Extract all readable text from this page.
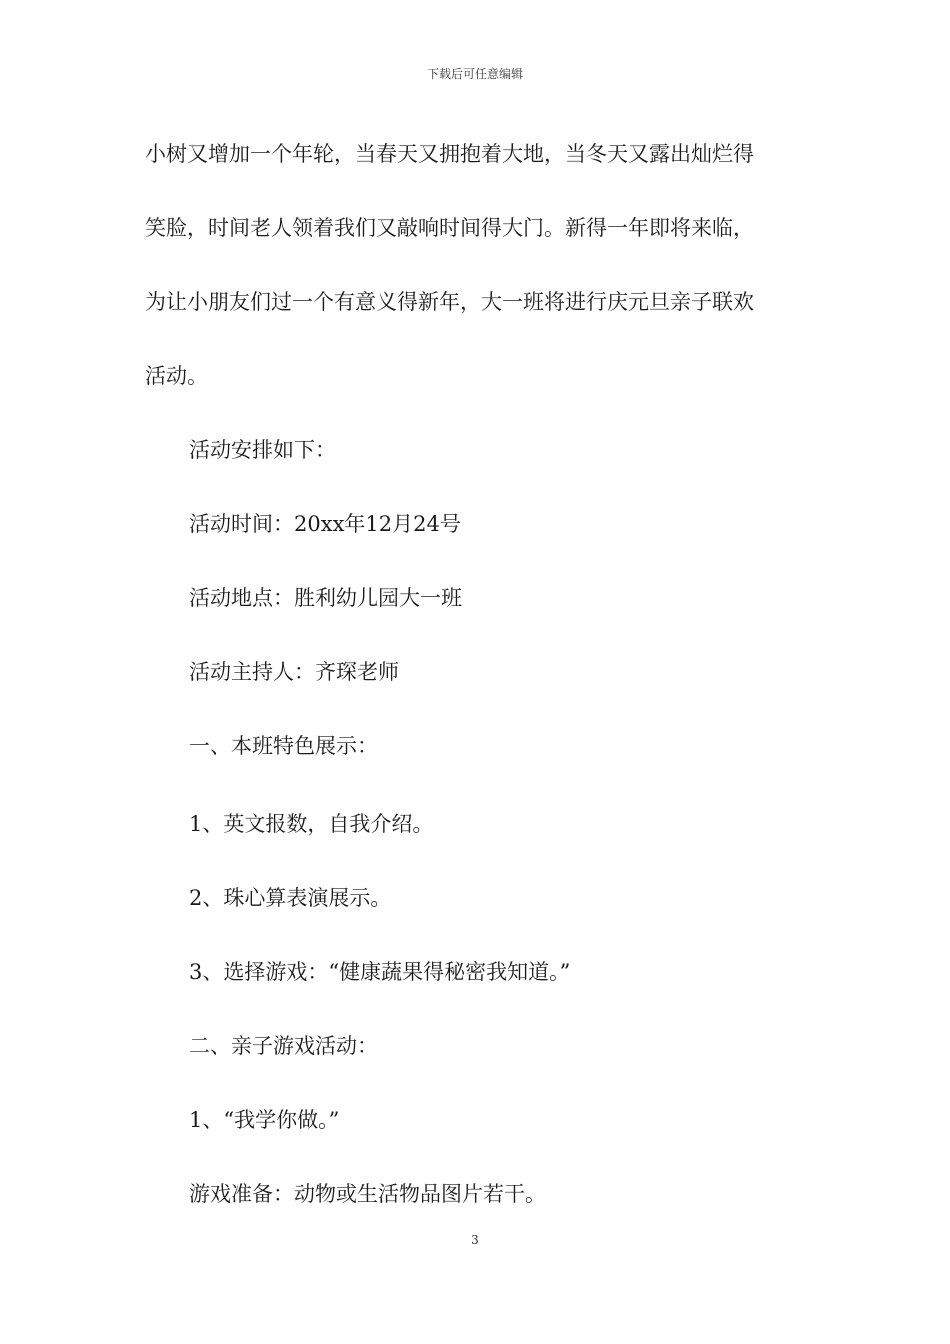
下载后可任意编辑
小树又增加一个年轮，当春天又拥抱着大地，当冬天又露出灿烂得
笑脸，时间老人领着我们又敲响时间得大门。新得一年即将来临，
为让小朋友们过一个有意义得新年，大一班将进行庆元旦亲子联欢
活动。
活动安排如下：
活动时间：20xx年12月24号
活动地点：胜利幼儿园大一班
活动主持人：齐琛老师
一、本班特色展示：
1、英文报数，自我介绍。
2、珠心算表演展示。
3、选择游戏：“健康蔬果得秘密我知道。”
二、亲子游戏活动：
1、“我学你做。”
游戏准备：动物或生活物品图片若干。
3
